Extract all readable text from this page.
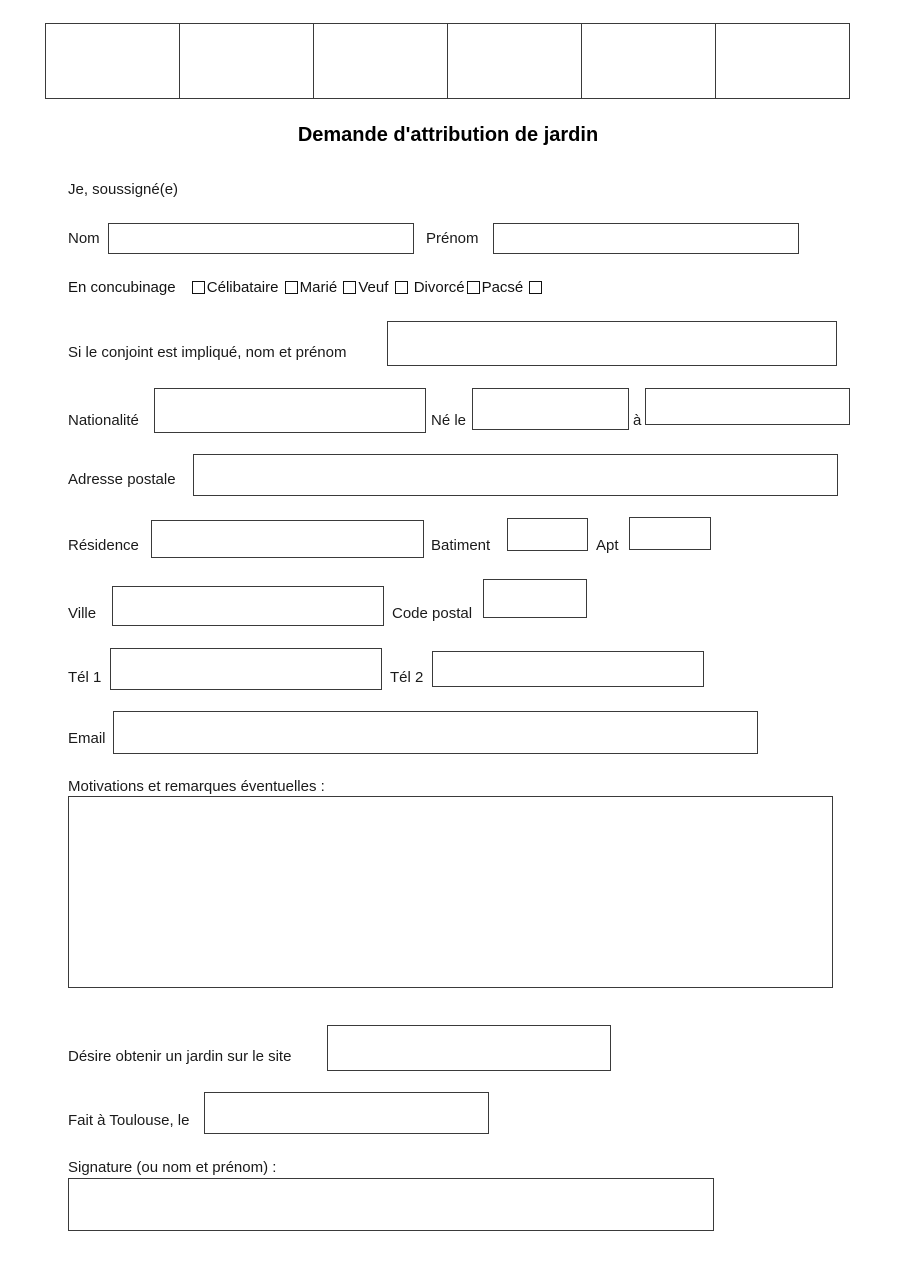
Demande d'attribution de jardin
Je, soussigné(e)
Nom	Prénom
En concubinage Célibataire Marié Veuf Divorcé Pacsé
Si le conjoint est impliqué, nom et prénom
Nationalité	Né le	à
Adresse postale
Résidence	Batiment	Apt
Ville	Code postal
Tél 1	Tél 2
Email
Motivations et remarques éventuelles :
Désire obtenir un jardin sur le site
Fait à Toulouse, le
Signature (ou nom et prénom) :
